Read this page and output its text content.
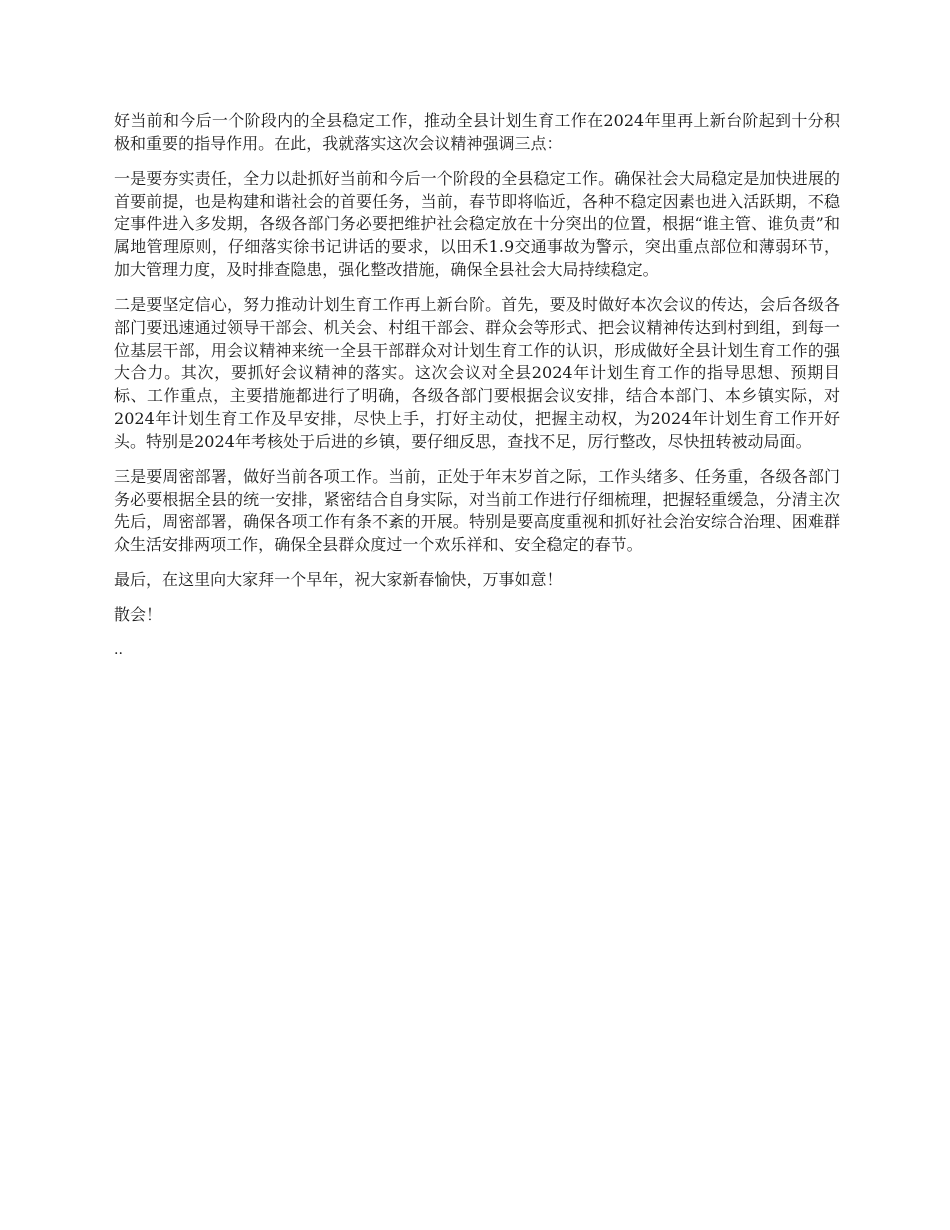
好当前和今后一个阶段内的全县稳定工作，推动全县计划生育工作在2024年里再上新台阶起到十分积极和重要的指导作用。在此，我就落实这次会议精神强调三点：

一是要夯实责任，全力以赴抓好当前和今后一个阶段的全县稳定工作。确保社会大局稳定是加快进展的首要前提，也是构建和谐社会的首要任务，当前，春节即将临近，各种不稳定因素也进入活跃期，不稳定事件进入多发期，各级各部门务必要把维护社会稳定放在十分突出的位置，根据“谁主管、谁负责”和属地管理原则，仔细落实徐书记讲话的要求，以田禾1.9交通事故为警示，突出重点部位和薄弱环节，加大管理力度，及时排查隐患，强化整改措施，确保全县社会大局持续稳定。

二是要坚定信心，努力推动计划生育工作再上新台阶。首先，要及时做好本次会议的传达，会后各级各部门要迅速通过领导干部会、机关会、村组干部会、群众会等形式、把会议精神传达到村到组，到每一位基层干部，用会议精神来统一全县干部群众对计划生育工作的认识，形成做好全县计划生育工作的强大合力。其次，要抓好会议精神的落实。这次会议对全县2024年计划生育工作的指导思想、预期目标、工作重点，主要措施都进行了明确，各级各部门要根据会议安排，结合本部门、本乡镇实际，对2024年计划生育工作及早安排，尽快上手，打好主动仗，把握主动权，为2024年计划生育工作开好头。特别是2024年考核处于后进的乡镇，要仔细反思，查找不足，厉行整改，尽快扭转被动局面。

三是要周密部署，做好当前各项工作。当前，正处于年末岁首之际，工作头绪多、任务重，各级各部门务必要根据全县的统一安排，紧密结合自身实际，对当前工作进行仔细梳理，把握轻重缓急，分清主次先后，周密部署，确保各项工作有条不紊的开展。特别是要高度重视和抓好社会治安综合治理、困难群众生活安排两项工作，确保全县群众度过一个欢乐祥和、安全稳定的春节。

最后，在这里向大家拜一个早年，祝大家新春愉快，万事如意！

散会！

..
